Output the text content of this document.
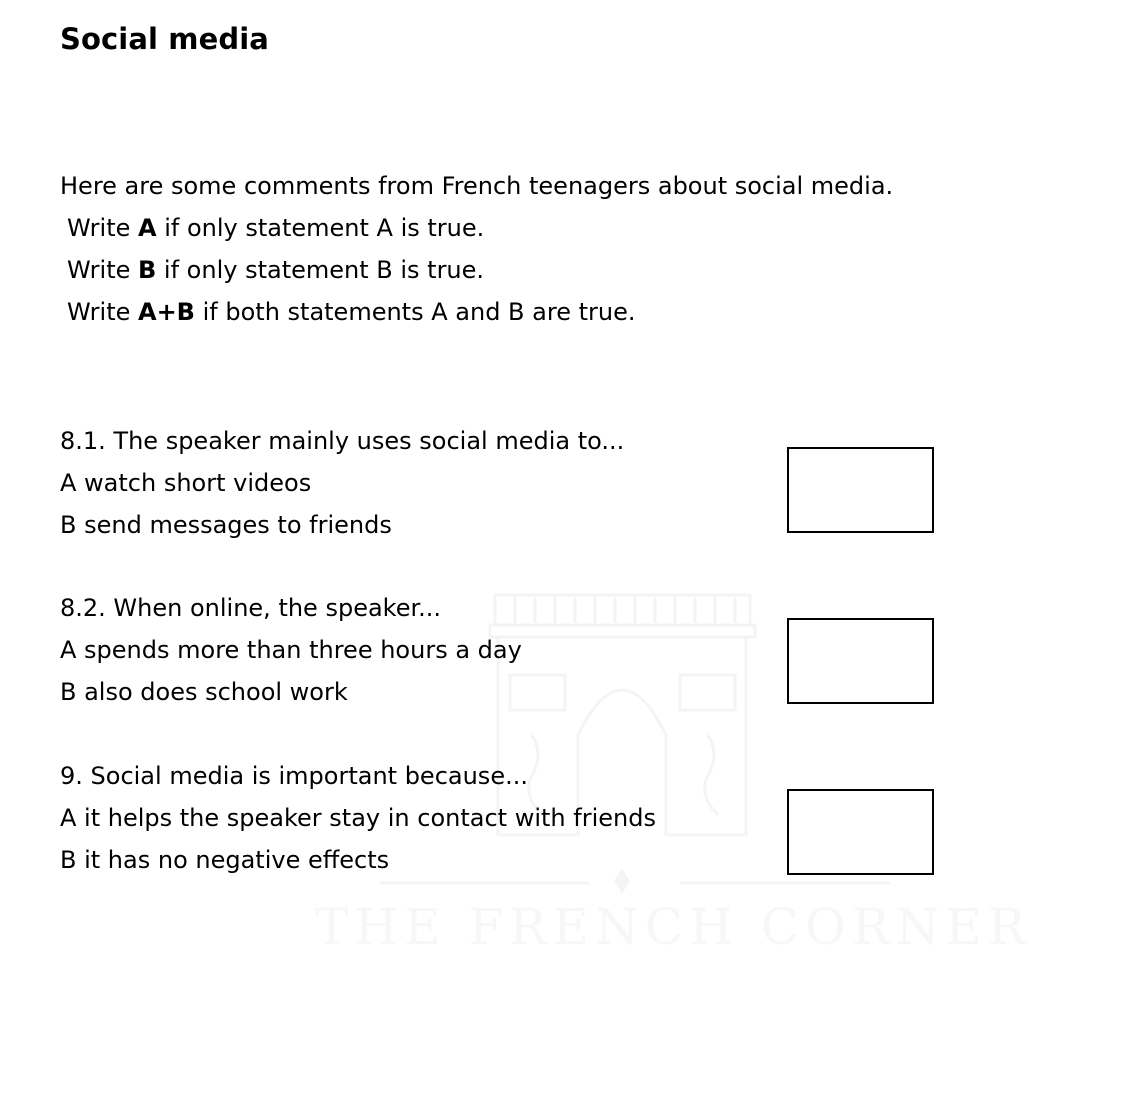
THE FRENCH CORNER
Social media
Here are some comments from French teenagers about social media.
Write A if only statement A is true.
Write B if only statement B is true.
Write A+B if both statements A and B are true.
8.1. The speaker mainly uses social media to...
A watch short videos
B send messages to friends
8.2. When online, the speaker...
A spends more than three hours a day
B also does school work
9. Social media is important because...
A it helps the speaker stay in contact with friends
B it has no negative effects
